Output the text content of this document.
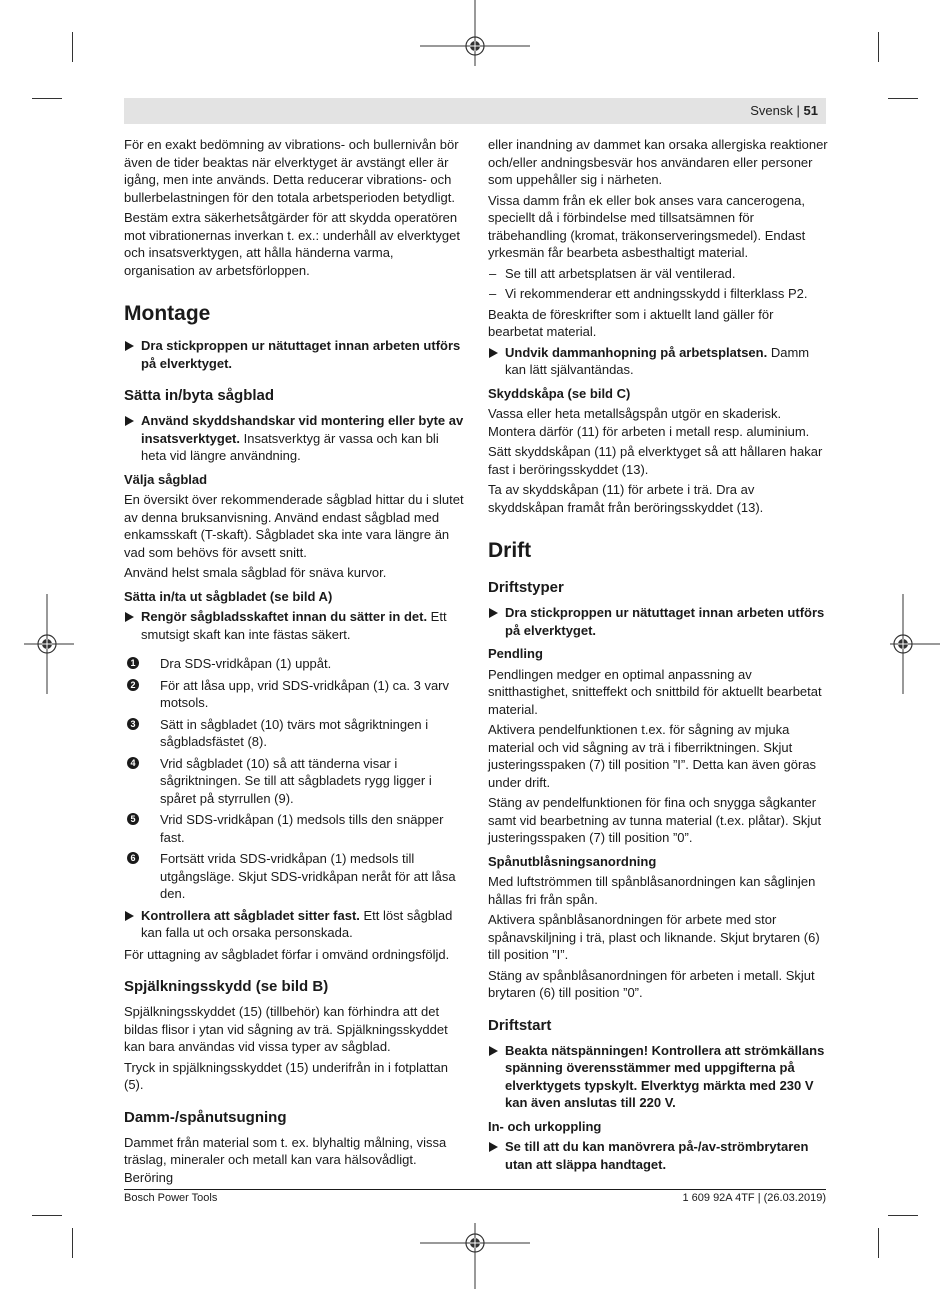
Svensk | 51

För en exakt bedömning av vibrations- och bullernivån bör även de tider beaktas när elverktyget är avstängt eller är igång, men inte används. Detta reducerar vibrations- och bullerbelastningen för den totala arbetsperioden betydligt.

Bestäm extra säkerhetsåtgärder för att skydda operatören mot vibrationernas inverkan t. ex.: underhåll av elverktyget och insatsverktygen, att hålla händerna varma, organisation av arbetsförloppen.

Montage
Dra stickproppen ur nätuttaget innan arbeten utförs på elverktyget.
Sätta in/byta sågblad
Använd skyddshandskar vid montering eller byte av insatsverktyget. Insatsverktyg är vassa och kan bli heta vid längre användning.
Välja sågblad

En översikt över rekommenderade sågblad hittar du i slutet av denna bruksanvisning. Använd endast sågblad med enkamsskaft (T-skaft). Sågbladet ska inte vara längre än vad som behövs för avsett snitt.

Använd helst smala sågblad för snäva kurvor.

Sätta in/ta ut sågbladet (se bild A)
Rengör sågbladsskaftet innan du sätter in det. Ett smutsigt skaft kan inte fästas säkert.
1 Dra SDS-vridkåpan (1) uppåt.
2 För att låsa upp, vrid SDS-vridkåpan (1) ca. 3 varv motsols.
3 Sätt in sågbladet (10) tvärs mot sågriktningen i sågbladsfästet (8).
4 Vrid sågbladet (10) så att tänderna visar i sågriktningen. Se till att sågbladets rygg ligger i spåret på styrrullen (9).
5 Vrid SDS-vridkåpan (1) medsols tills den snäpper fast.
6 Fortsätt vrida SDS-vridkåpan (1) medsols till utgångsläge. Skjut SDS-vridkåpan neråt för att låsa den.
Kontrollera att sågbladet sitter fast. Ett löst sågblad kan falla ut och orsaka personskada.

För uttagning av sågbladet förfar i omvänd ordningsföljd.

Spjälkningsskydd (se bild B)

Spjälkningsskyddet (15) (tillbehör) kan förhindra att det bildas flisor i ytan vid sågning av trä. Spjälkningsskyddet kan bara användas vid vissa typer av sågblad.

Tryck in spjälkningsskyddet (15) underifrån in i fotplattan (5).

Damm-/spånutsugning

Dammet från material som t. ex. blyhaltig målning, vissa träslag, mineraler och metall kan vara hälsovådligt. Beröring

eller inandning av dammet kan orsaka allergiska reaktioner och/eller andningsbesvär hos användaren eller personer som uppehåller sig i närheten.

Vissa damm från ek eller bok anses vara cancerogena, speciellt då i förbindelse med tillsatsämnen för träbehandling (kromat, träkonserveringsmedel). Endast yrkesmän får bearbeta asbesthaltigt material.

– Se till att arbetsplatsen är väl ventilerad.
– Vi rekommenderar ett andningsskydd i filterklass P2.

Beakta de föreskrifter som i aktuellt land gäller för bearbetat material.

Undvik dammanhopning på arbetsplatsen. Damm kan lätt självantändas.
Skyddskåpa (se bild C)

Vassa eller heta metallsågspån utgör en skaderisk. Montera därför (11) för arbeten i metall resp. aluminium.

Sätt skyddskåpan (11) på elverktyget så att hållaren hakar fast i beröringsskyddet (13).

Ta av skyddskåpan (11) för arbete i trä. Dra av skyddskåpan framåt från beröringsskyddet (13).

Drift
Driftstyper
Dra stickproppen ur nätuttaget innan arbeten utförs på elverktyget.
Pendling

Pendlingen medger en optimal anpassning av snitthastighet, snitteffekt och snittbild för aktuellt bearbetat material.

Aktivera pendelfunktionen t.ex. för sågning av mjuka material och vid sågning av trä i fiberriktningen. Skjut justeringsspaken (7) till position ”I”. Detta kan även göras under drift.

Stäng av pendelfunktionen för fina och snygga sågkanter samt vid bearbetning av tunna material (t.ex. plåtar). Skjut justeringsspaken (7) till position ”0”.

Spånutblåsningsanordning

Med luftströmmen till spånblåsanordningen kan såglinjen hållas fri från spån.

Aktivera spånblåsanordningen för arbete med stor spånavskiljning i trä, plast och liknande. Skjut brytaren (6) till position ”I”.

Stäng av spånblåsanordningen för arbeten i metall. Skjut brytaren (6) till position ”0”.

Driftstart
Beakta nätspänningen! Kontrollera att strömkällans spänning överensstämmer med uppgifterna på elverktygets typskylt. Elverktyg märkta med 230 V kan även anslutas till 220 V.
In- och urkoppling
Se till att du kan manövrera på-/av-strömbrytaren utan att släppa handtaget.
Bosch Power Tools	1 609 92A 4TF | (26.03.2019)
